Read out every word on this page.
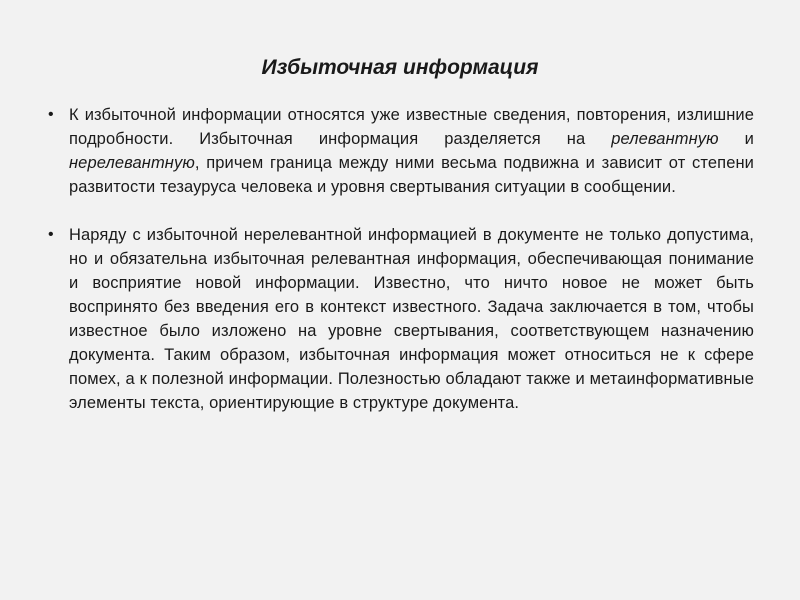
Избыточная информация
• К избыточной информации относятся уже известные сведения, повторения, излишние подробности. Избыточная информация разделяется на релевантную и нерелевантную, причем граница между ними весьма подвижна и зависит от степени развитости тезауруса человека и уровня свертывания ситуации в сообщении.
• Наряду с избыточной нерелевантной информацией в документе не только допустима, но и обязательна избыточная релевантная информация, обеспечивающая понимание и восприятие новой информации. Известно, что ничто новое не может быть воспринято без введения его в контекст известного. Задача заключается в том, чтобы известное было изложено на уровне свертывания, соответствующем назначению документа. Таким образом, избыточная информация может относиться не к сфере помех, а к полезной информации. Полезностью обладают также и метаинформативные элементы текста, ориентирующие в структуре документа.
